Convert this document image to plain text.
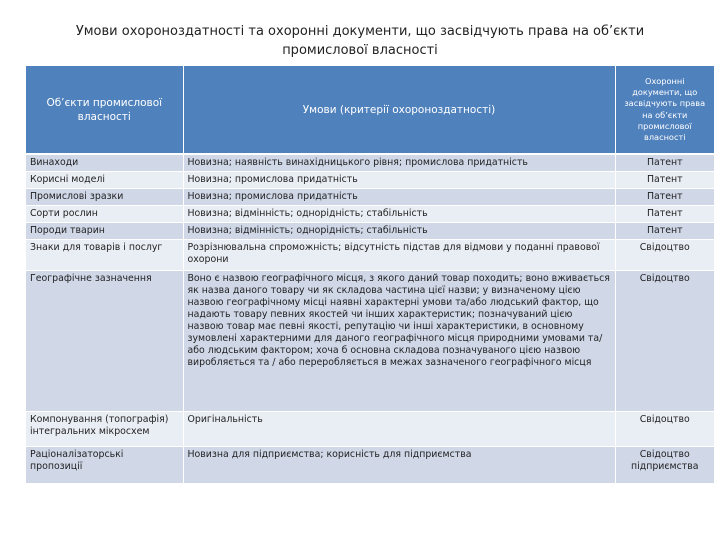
Умови охороноздатності та охоронні документи, що засвідчують права на об’єкти
промислової власності
Об’єкти промислової власності	Умови (критерії охороноздатності)	Охоронні документи, що засвідчують права на об’єкти промислової власності
Винаходи	Новизна; наявність винахідницького рівня; промислова придатність	Патент
Корисні моделі	Новизна; промислова придатність	Патент
Промислові зразки	Новизна; промислова придатність	Патент
Сорти рослин	Новизна; відмінність; однорідність; стабільність	Патент
Породи тварин	Новизна; відмінність; однорідність; стабільність	Патент
Знаки для товарів і послуг	Розрізнювальна спроможність; відсутність підстав для відмови у поданні правової охорони	Свідоцтво
Географічне зазначення	Воно є назвою географічного місця, з якого даний товар походить; воно вживається як назва даного товару чи як складова частина цієї назви; у визначеному цією назвою географічному місці наявні характерні умови та/або людський фактор, що надають товару певних якостей чи інших характеристик; позначуваний цією назвою товар має певні якості, репутацію чи інші характеристики, в основному зумовлені характерними для даного географічного місця природними умовами та/або людським фактором; хоча б основна складова позначуваного цією назвою виробляється та / або переробляється в межах зазначеного географічного місця	Свідоцтво
Компонування (топографія) інтегральних мікросхем	Оригінальність	Свідоцтво
Раціоналізаторські пропозиції	Новизна для підприємства; корисність для підприємства	Свідоцтво підприємства
